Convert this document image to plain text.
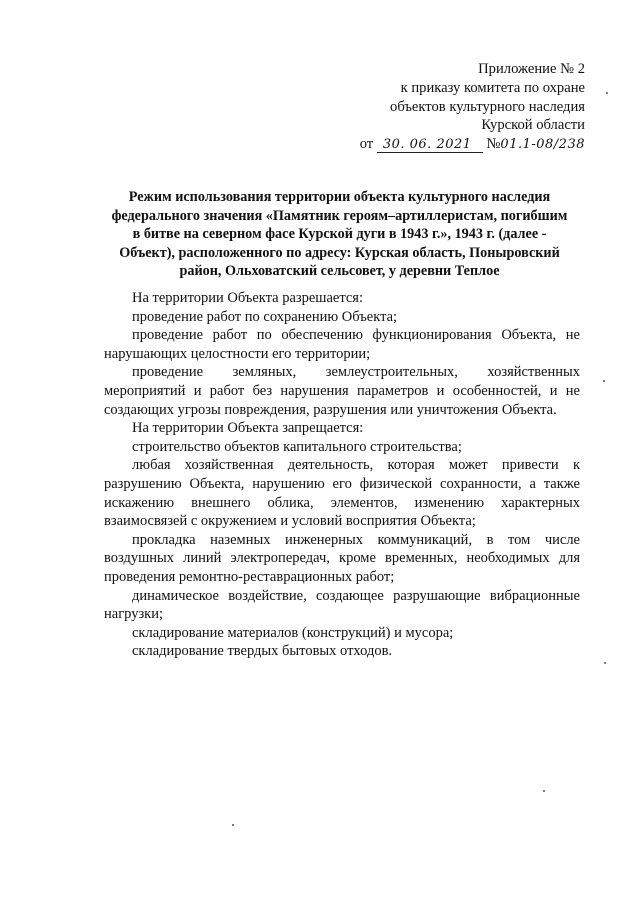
Приложение № 2
к приказу комитета по охране
объектов культурного наследия
Курской области
от 30. 06. 2021 №01.1-08/238
Режим использования территории объекта культурного наследия
федерального значения «Памятник героям–артиллеристам, погибшим
в битве на северном фасе Курской дуги в 1943 г.», 1943 г. (далее -
Объект), расположенного по адресу: Курская область, Поныровский
район, Ольховатский сельсовет, у деревни Теплое
На территории Объекта разрешается:
проведение работ по сохранению Объекта;
проведение работ по обеспечению функционирования Объекта, не
нарушающих целостности его территории;
проведение земляных, землеустроительных, хозяйственных
мероприятий и работ без нарушения параметров и особенностей, и не
создающих угрозы повреждения, разрушения или уничтожения Объекта.
На территории Объекта запрещается:
строительство объектов капитального строительства;
любая хозяйственная деятельность, которая может привести к
разрушению Объекта, нарушению его физической сохранности, а также
искажению внешнего облика, элементов, изменению характерных
взаимосвязей с окружением и условий восприятия Объекта;
прокладка наземных инженерных коммуникаций, в том числе
воздушных линий электропередач, кроме временных, необходимых для
проведения ремонтно-реставрационных работ;
динамическое воздействие, создающее разрушающие вибрационные
нагрузки;
складирование материалов (конструкций) и мусора;
складирование твердых бытовых отходов.
